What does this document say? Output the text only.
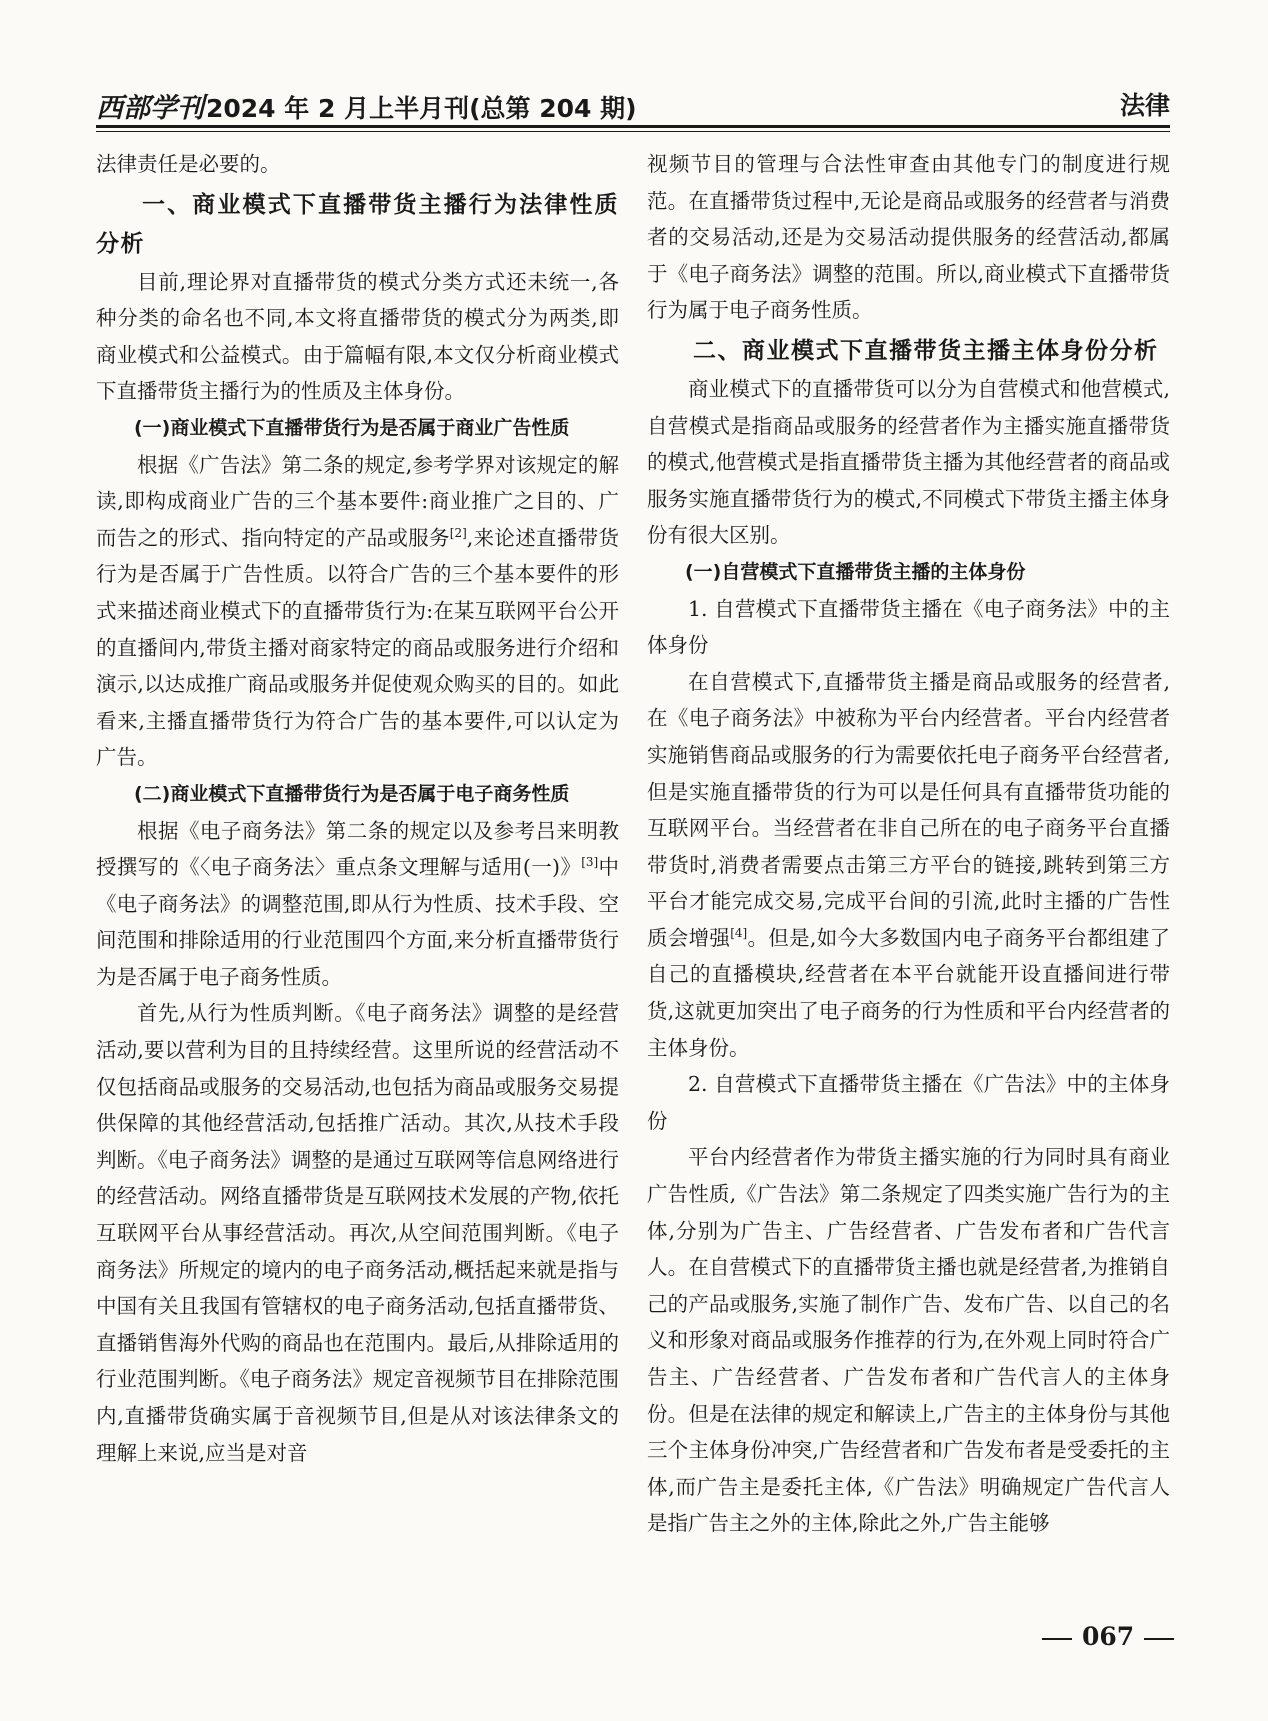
西部学刊2024 年 2 月上半月刊(总第 204 期)	法律

法律责任是必要的。

一、商业模式下直播带货主播行为法律性质分析

目前,理论界对直播带货的模式分类方式还未统一,各种分类的命名也不同,本文将直播带货的模式分为两类,即商业模式和公益模式。由于篇幅有限,本文仅分析商业模式下直播带货主播行为的性质及主体身份。

(一)商业模式下直播带货行为是否属于商业广告性质

根据《广告法》第二条的规定,参考学界对该规定的解读,即构成商业广告的三个基本要件:商业推广之目的、广而告之的形式、指向特定的产品或服务[2],来论述直播带货行为是否属于广告性质。以符合广告的三个基本要件的形式来描述商业模式下的直播带货行为:在某互联网平台公开的直播间内,带货主播对商家特定的商品或服务进行介绍和演示,以达成推广商品或服务并促使观众购买的目的。如此看来,主播直播带货行为符合广告的基本要件,可以认定为广告。

(二)商业模式下直播带货行为是否属于电子商务性质

根据《电子商务法》第二条的规定以及参考吕来明教授撰写的《〈电子商务法〉重点条文理解与适用(一)》[3]中《电子商务法》的调整范围,即从行为性质、技术手段、空间范围和排除适用的行业范围四个方面,来分析直播带货行为是否属于电子商务性质。

首先,从行为性质判断。《电子商务法》调整的是经营活动,要以营利为目的且持续经营。这里所说的经营活动不仅包括商品或服务的交易活动,也包括为商品或服务交易提供保障的其他经营活动,包括推广活动。其次,从技术手段判断。《电子商务法》调整的是通过互联网等信息网络进行的经营活动。网络直播带货是互联网技术发展的产物,依托互联网平台从事经营活动。再次,从空间范围判断。《电子商务法》所规定的境内的电子商务活动,概括起来就是指与中国有关且我国有管辖权的电子商务活动,包括直播带货、直播销售海外代购的商品也在范围内。最后,从排除适用的行业范围判断。《电子商务法》规定音视频节目在排除范围内,直播带货确实属于音视频节目,但是从对该法律条文的理解上来说,应当是对音

视频节目的管理与合法性审查由其他专门的制度进行规范。在直播带货过程中,无论是商品或服务的经营者与消费者的交易活动,还是为交易活动提供服务的经营活动,都属于《电子商务法》调整的范围。所以,商业模式下直播带货行为属于电子商务性质。

二、商业模式下直播带货主播主体身份分析

商业模式下的直播带货可以分为自营模式和他营模式,自营模式是指商品或服务的经营者作为主播实施直播带货的模式,他营模式是指直播带货主播为其他经营者的商品或服务实施直播带货行为的模式,不同模式下带货主播主体身份有很大区别。

(一)自营模式下直播带货主播的主体身份

1. 自营模式下直播带货主播在《电子商务法》中的主体身份

在自营模式下,直播带货主播是商品或服务的经营者,在《电子商务法》中被称为平台内经营者。平台内经营者实施销售商品或服务的行为需要依托电子商务平台经营者,但是实施直播带货的行为可以是任何具有直播带货功能的互联网平台。当经营者在非自己所在的电子商务平台直播带货时,消费者需要点击第三方平台的链接,跳转到第三方平台才能完成交易,完成平台间的引流,此时主播的广告性质会增强[4]。但是,如今大多数国内电子商务平台都组建了自己的直播模块,经营者在本平台就能开设直播间进行带货,这就更加突出了电子商务的行为性质和平台内经营者的主体身份。

2. 自营模式下直播带货主播在《广告法》中的主体身份

平台内经营者作为带货主播实施的行为同时具有商业广告性质,《广告法》第二条规定了四类实施广告行为的主体,分别为广告主、广告经营者、广告发布者和广告代言人。在自营模式下的直播带货主播也就是经营者,为推销自己的产品或服务,实施了制作广告、发布广告、以自己的名义和形象对商品或服务作推荐的行为,在外观上同时符合广告主、广告经营者、广告发布者和广告代言人的主体身份。但是在法律的规定和解读上,广告主的主体身份与其他三个主体身份冲突,广告经营者和广告发布者是受委托的主体,而广告主是委托主体,《广告法》明确规定广告代言人是指广告主之外的主体,除此之外,广告主能够

067
